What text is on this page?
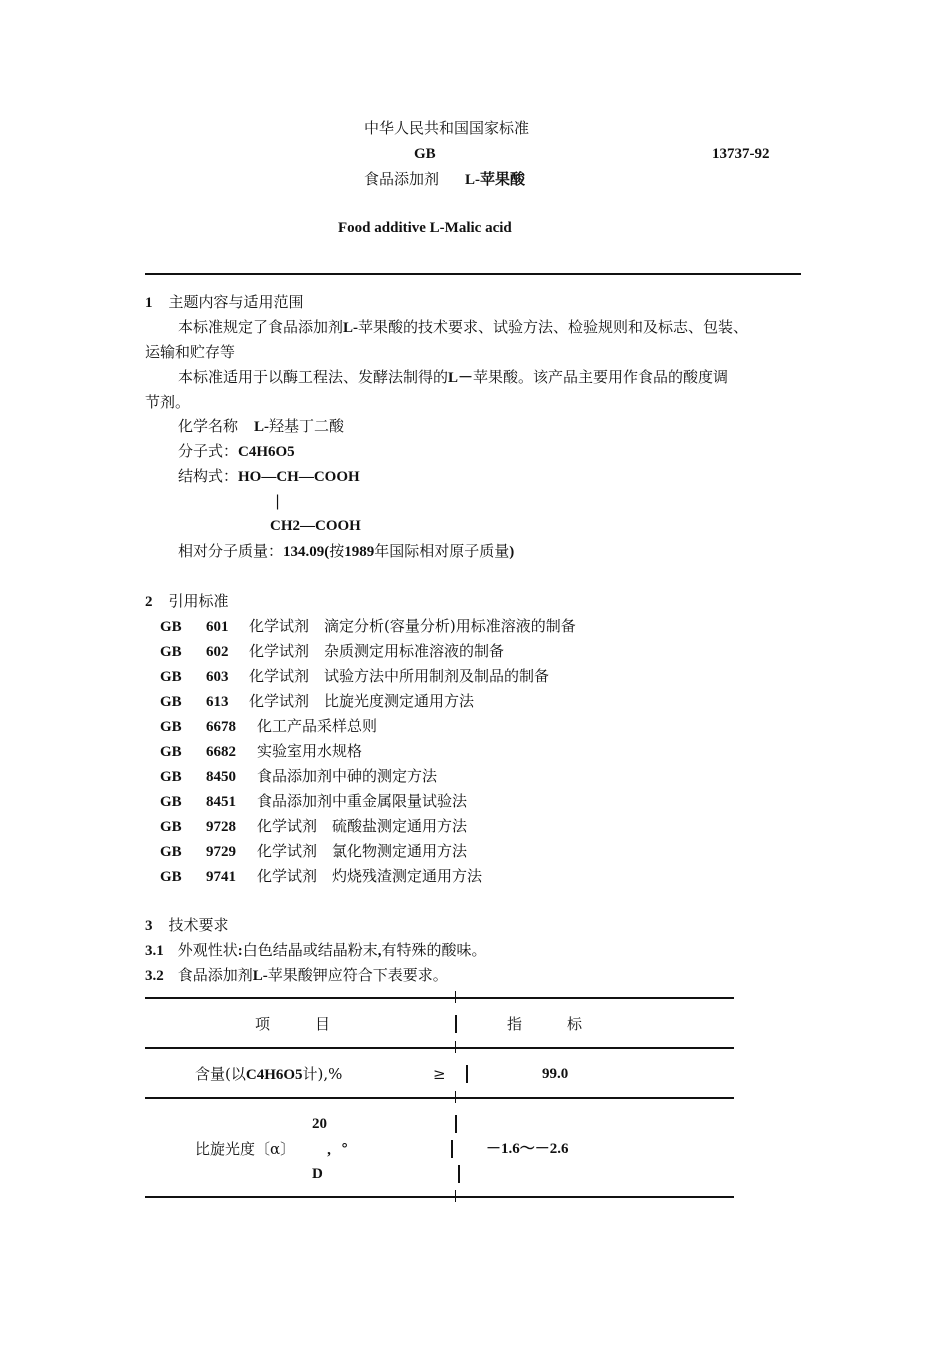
中华人民共和国国家标准
GB	13737-92
食品添加剂 L-苹果酸
Food additive L-Malic acid
1 主题内容与适用范围
本标准规定了食品添加剂L-苹果酸的技术要求、试验方法、检验规则和及标志、包装、
运输和贮存等
本标准适用于以酶工程法、发酵法制得的L－苹果酸。该产品主要用作食品的酸度调
节剂。
化学名称 L-羟基丁二酸
分子式：C4H6O5
结构式：HO—CH—COOH
|
CH2—COOH
相对分子质量：134.09(按1989年国际相对原子质量)
2 引用标准
GB 601 化学试剂　滴定分析(容量分析)用标准溶液的制备
GB 602 化学试剂　杂质测定用标准溶液的制备
GB 603 化学试剂　试验方法中所用制剂及制品的制备
GB 613 化学试剂　比旋光度测定通用方法
GB 6678 化工产品采样总则
GB 6682 实验室用水规格
GB 8450 食品添加剂中砷的测定方法
GB 8451 食品添加剂中重金属限量试验法
GB 9728 化学试剂　硫酸盐测定通用方法
GB 9729 化学试剂　氯化物测定通用方法
GB 9741 化学试剂　灼烧残渣测定通用方法
3 技术要求
3.1 外观性状:白色结晶或结晶粉末,有特殊的酸味。
3.2 食品添加剂L-苹果酸钾应符合下表要求。
项　　　目	指　　　标
含量(以C4H6O5计),%	≥	99.0
20
比旋光度〔α〕 , °	－1.6～－2.6
D
